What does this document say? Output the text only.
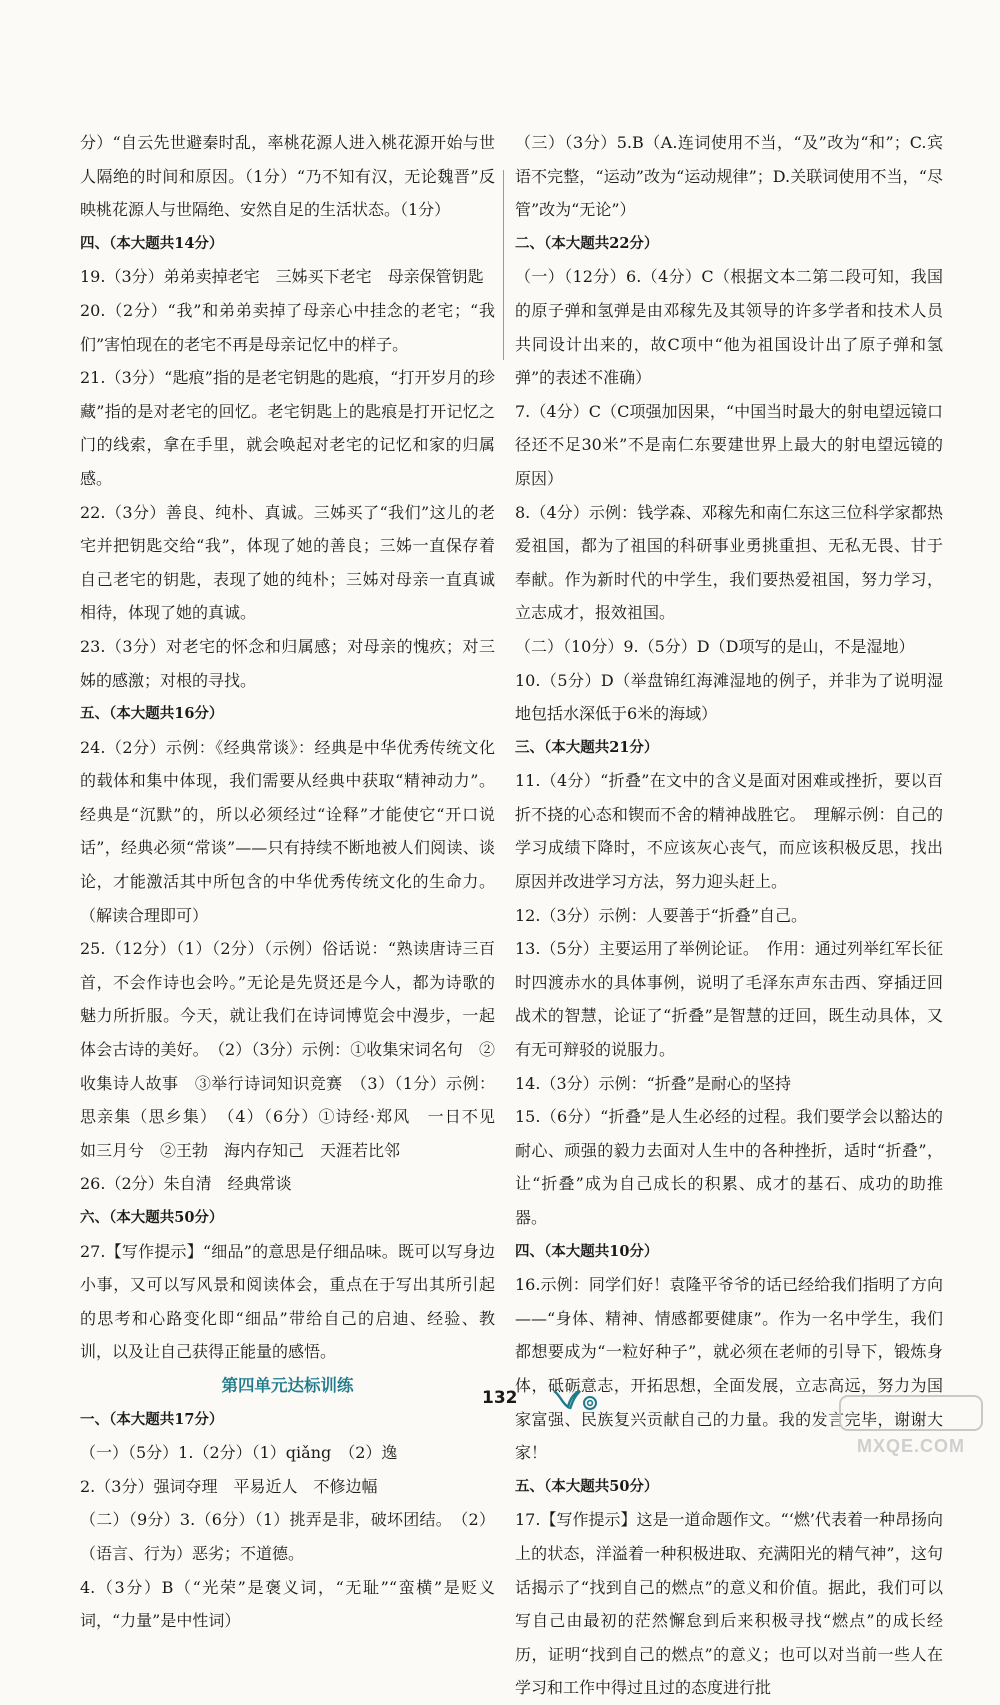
分）“自云先世避秦时乱，率桃花源人进入桃花源开始与世人隔绝的时间和原因。（1分）“乃不知有汉，无论魏晋”反映桃花源人与世隔绝、安然自足的生活状态。（1分）

四、（本大题共14分）

19.（3分）弟弟卖掉老宅　三姊买下老宅　母亲保管钥匙

20.（2分）“我”和弟弟卖掉了母亲心中挂念的老宅；“我们”害怕现在的老宅不再是母亲记忆中的样子。

21.（3分）“匙痕”指的是老宅钥匙的匙痕，“打开岁月的珍藏”指的是对老宅的回忆。老宅钥匙上的匙痕是打开记忆之门的线索，拿在手里，就会唤起对老宅的记忆和家的归属感。

22.（3分）善良、纯朴、真诚。三姊买了“我们”这儿的老宅并把钥匙交给“我”，体现了她的善良；三姊一直保存着自己老宅的钥匙，表现了她的纯朴；三姊对母亲一直真诚相待，体现了她的真诚。

23.（3分）对老宅的怀念和归属感；对母亲的愧疚；对三姊的感激；对根的寻找。

五、（本大题共16分）

24.（2分）示例：《经典常谈》：经典是中华优秀传统文化的载体和集中体现，我们需要从经典中获取“精神动力”。经典是“沉默”的，所以必须经过“诠释”才能使它“开口说话”，经典必须“常谈”——只有持续不断地被人们阅读、谈论，才能激活其中所包含的中华优秀传统文化的生命力。（解读合理即可）

25.（12分）（1）（2分）（示例）俗话说：“熟读唐诗三百首，不会作诗也会吟。”无论是先贤还是今人，都为诗歌的魅力所折服。今天，就让我们在诗词博览会中漫步，一起体会古诗的美好。　（2）（3分）示例：①收集宋词名句　②收集诗人故事　③举行诗词知识竞赛　（3）（1分）示例：思亲集（思乡集）　（4）（6分）①诗经·郑风　一日不见　如三月兮　②王勃　海内存知己　天涯若比邻

26.（2分）朱自清　经典常谈

六、（本大题共50分）

27.【写作提示】“细品”的意思是仔细品味。既可以写身边小事，又可以写风景和阅读体会，重点在于写出其所引起的思考和心路变化即“细品”带给自己的启迪、经验、教训，以及让自己获得正能量的感悟。

第四单元达标训练

一、（本大题共17分）

（一）（5分）1.（2分）（1）qiǎng　（2）逸

2.（3分）强词夺理　平易近人　不修边幅

（二）（9分）3.（6分）（1）挑弄是非，破坏团结。　（2）（语言、行为）恶劣；不道德。

4.（3分）B（“光荣”是褒义词，“无耻”“蛮横”是贬义词，“力量”是中性词）

（三）（3分）5.B（A.连词使用不当，“及”改为“和”；C.宾语不完整，“运动”改为“运动规律”；D.关联词使用不当，“尽管”改为“无论”）

二、（本大题共22分）

（一）（12分）6.（4分）C（根据文本二第二段可知，我国的原子弹和氢弹是由邓稼先及其领导的许多学者和技术人员共同设计出来的，故C项中“他为祖国设计出了原子弹和氢弹”的表述不准确）

7.（4分）C（C项强加因果，“中国当时最大的射电望远镜口径还不足30米”不是南仁东要建世界上最大的射电望远镜的原因）

8.（4分）示例：钱学森、邓稼先和南仁东这三位科学家都热爱祖国，都为了祖国的科研事业勇挑重担、无私无畏、甘于奉献。作为新时代的中学生，我们要热爱祖国，努力学习，立志成才，报效祖国。

（二）（10分）9.（5分）D（D项写的是山，不是湿地）

10.（5分）D（举盘锦红海滩湿地的例子，并非为了说明湿地包括水深低于6米的海域）

三、（本大题共21分）

11.（4分）“折叠”在文中的含义是面对困难或挫折，要以百折不挠的心态和锲而不舍的精神战胜它。　理解示例：自己的学习成绩下降时，不应该灰心丧气，而应该积极反思，找出原因并改进学习方法，努力迎头赶上。

12.（3分）示例：人要善于“折叠”自己。

13.（5分）主要运用了举例论证。　作用：通过列举红军长征时四渡赤水的具体事例，说明了毛泽东声东击西、穿插迂回战术的智慧，论证了“折叠”是智慧的迂回，既生动具体，又有无可辩驳的说服力。

14.（3分）示例：“折叠”是耐心的坚持

15.（6分）“折叠”是人生必经的过程。我们要学会以豁达的耐心、顽强的毅力去面对人生中的各种挫折，适时“折叠”，让“折叠”成为自己成长的积累、成才的基石、成功的助推器。

四、（本大题共10分）

16.示例：同学们好！袁隆平爷爷的话已经给我们指明了方向——“身体、精神、情感都要健康”。作为一名中学生，我们都想要成为“一粒好种子”，就必须在老师的引导下，锻炼身体，砥砺意志，开拓思想，全面发展，立志高远，努力为国家富强、民族复兴贡献自己的力量。我的发言完毕，谢谢大家！

五、（本大题共50分）

17.【写作提示】这是一道命题作文。“‘燃’代表着一种昂扬向上的状态，洋溢着一种积极进取、充满阳光的精气神”，这句话揭示了“找到自己的燃点”的意义和价值。据此，我们可以写自己由最初的茫然懈怠到后来积极寻找“燃点”的成长经历，证明“找到自己的燃点”的意义；也可以对当前一些人在学习和工作中得过且过的态度进行批

132
MXQE.COM
